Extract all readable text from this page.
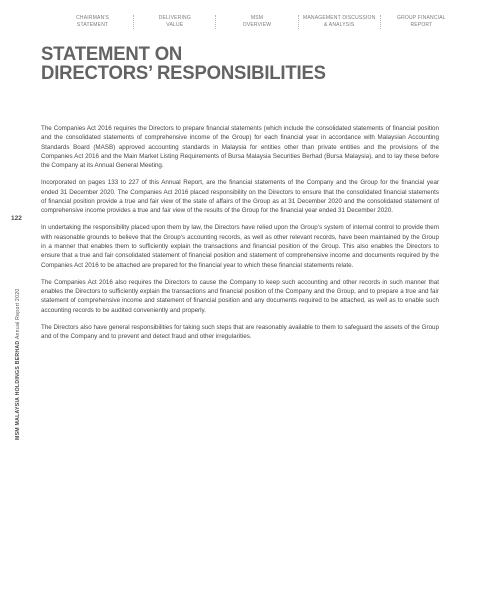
CHAIRMAN'S
STATEMENT
DELIVERING
VALUE
MSM
OVERVIEW
MANAGEMENT DISCUSSION
& ANALYSIS
GROUP FINANCIAL
REPORT
STATEMENT ON
DIRECTORS’ RESPONSIBILITIES
122
MSM MALAYSIA HOLDINGS BERHAD Annual Report 2020

The Companies Act 2016 requires the Directors to prepare financial statements (which include the consolidated statements of financial position and the consolidated statements of comprehensive income of the Group) for each financial year in accordance with Malaysian Accounting Standards Board (MASB) approved accounting standards in Malaysia for entities other than private entities and the provisions of the Companies Act 2016 and the Main Market Listing Requirements of Bursa Malaysia Securities Berhad (Bursa Malaysia), and to lay these before the Company at its Annual General Meeting.

Incorporated on pages 133 to 227 of this Annual Report, are the financial statements of the Company and the Group for the financial year ended 31 December 2020. The Companies Act 2016 placed responsibility on the Directors to ensure that the consolidated financial statements of financial position provide a true and fair view of the state of affairs of the Group as at 31 December 2020 and the consolidated statement of comprehensive income provides a true and fair view of the results of the Group for the financial year ended 31 December 2020.

In undertaking the responsibility placed upon them by law, the Directors have relied upon the Group’s system of internal control to provide them with reasonable grounds to believe that the Group’s accounting records, as well as other relevant records, have been maintained by the Group in a manner that enables them to sufficiently explain the transactions and financial position of the Group. This also enables the Directors to ensure that a true and fair consolidated statement of financial position and statement of comprehensive income and documents required by the Companies Act 2016 to be attached are prepared for the financial year to which these financial statements relate.

The Companies Act 2016 also requires the Directors to cause the Company to keep such accounting and other records in such manner that enables the Directors to sufficiently explain the transactions and financial position of the Company and the Group, and to prepare a true and fair statement of comprehensive income and statement of financial position and any documents required to be attached, as well as to enable such accounting records to be audited conveniently and properly.

The Directors also have general responsibilities for taking such steps that are reasonably available to them to safeguard the assets of the Group and of the Company and to prevent and detect fraud and other irregularities.
